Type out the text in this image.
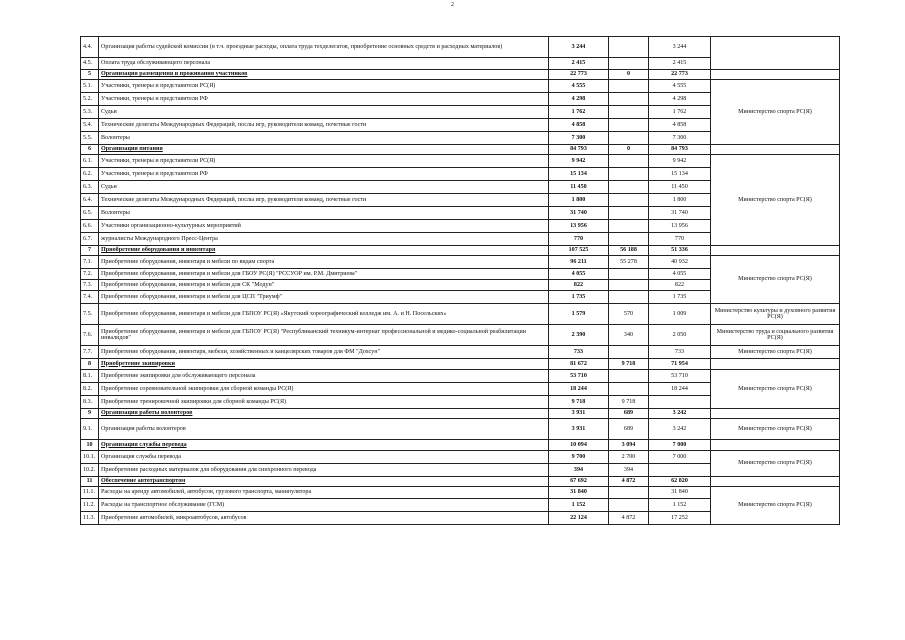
2
4.4.	Организация работы судейской комиссии (в т.ч. проездные расходы, оплата труда техделегатов, приобретение основных средств и расходных материалов)	3 244		3 244	
4.5.	Оплата труда обслуживающего персонала	2 415		2 415	
5	Организация размещения и проживания участников	22 773	0	22 773	
5.1.	Участники, тренеры и представители РС(Я)	4 555		4 555	Министерство спорта РС(Я)
5.2.	Участники, тренеры и представители РФ	4 298		4 298	
5.3.	Судьи	1 762		1 762	
5.4.	Технические делегаты Международных Федераций, послы игр, руководители команд, почетные гости	4 858		4 858	
5.5.	Волонтеры	7 300		7 300	
6	Организация питания	84 793	0	84 793	
6.1.	Участники, тренеры и представители РС(Я)	9 942		9 942	Министерство спорта РС(Я)
6.2.	Участники, тренеры и представители РФ	15 134		15 134	
6.3.	Судьи	11 450		11 450	
6.4.	Технические делегаты Международных Федераций, послы игр, руководители команд, почетные гости	1 800		1 800	
6.5.	Волонтеры	31 740		31 740	
6.6.	Участники организационно-культурных мероприятий	13 956		13 956	
6.7.	журналисты Международного Пресс-Центра	770		770	
7	Приобретение оборудования и инвентаря	107 525	56 188	51 336	
7.1.	Приобретение оборудования, инвентаря и мебели по видам спорта	96 211	55 278	40 932	Министерство спорта РС(Я)
7.2.	Приобретение оборудования, инвентаря и мебели для ГБОУ РС(Я) "РССУОР им. Р.М. Дмитриева"	4 055		4 055	
7.3.	Приобретение оборудования, инвентаря и мебели для СК "Модун"	822		822	
7.4.	Приобретение оборудования, инвентаря и мебели для ЦСП "Триумф"	1 735		1 735	
7.5.	Приобретение оборудования, инвентаря и мебели для ГБПОУ РС(Я) «Якутский хореографический колледж им. А. и Н. Посельских»	1 579	570	1 009	Министерство культуры и духовного развития РС(Я)
7.6.	Приобретение оборудования, инвентаря и мебели для ГБПОУ РС(Я) "Республиканский техникум-интернат профессиональной и медико-социальной реабилитации инвалидов"	2 390	340	2 050	Министерство труда и социального развития РС(Я)
7.7.	Приобретение оборудования, инвентаря, мебели, хозяйственных и канцелярских товаров для ФМ "Дохсун"	733		733	Министерство спорта РС(Я)
8	Приобретение экипировки	81 672	9 718	71 954	
8.1.	Приобретение экипировки для обслуживающего персонала	53 710		53 710	Министерство спорта РС(Я)
8.2.	Приобретение соревновательной экипировки для сборной команды РС(Я)	18 244		18 244	
8.3.	Приобретение тренировочной экипировки для сборной команды РС(Я)	9 718	9 718		
9	Организация работы волонтеров	3 931	689	3 242	
9.1.	Организация работы волонтеров	3 931	689	3 242	Министерство спорта РС(Я)
10	Организация службы перевода	10 094	3 094	7 000	
10.1.	Организация службы перевода	9 700	2 700	7 000	Министерство спорта РС(Я)
10.2.	Приобретение расходных материалов для оборудования для синхронного перевода	394	394		
11	Обеспечение автотранспортом	67 692	4 872	62 820	
11.1.	Расходы на аренду автомобилей, автобусов, грузового транспорта, манипулятора	31 840		31 840	Министерство спорта РС(Я)
11.2.	Расходы на транспортное обслуживание (ГСМ)	1 152		1 152	
11.3.	Приобретение автомобилей, микроавтобусов, автобусов	22 124	4 872	17 252	
